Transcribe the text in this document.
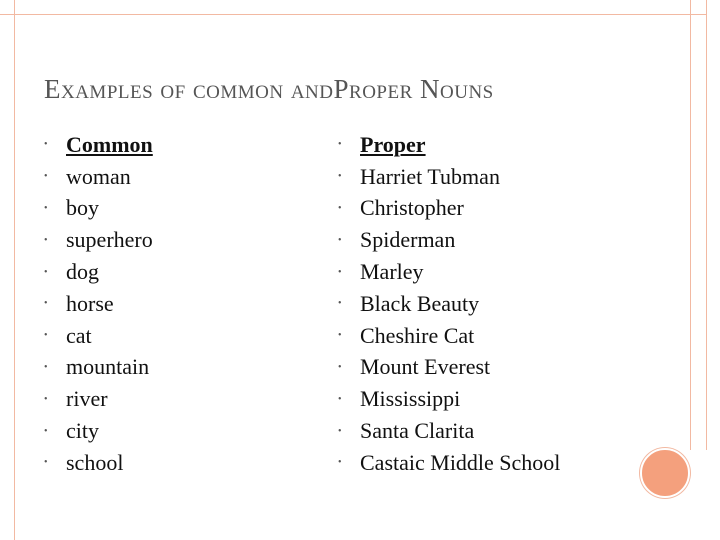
Examples of common andProper Nouns
• Common
• woman
• boy
• superhero
• dog
• horse
• cat
• mountain
• river
• city
• school
• Proper
• Harriet Tubman
• Christopher
• Spiderman
• Marley
• Black Beauty
• Cheshire Cat
• Mount Everest
• Mississippi
• Santa Clarita
• Castaic Middle School
